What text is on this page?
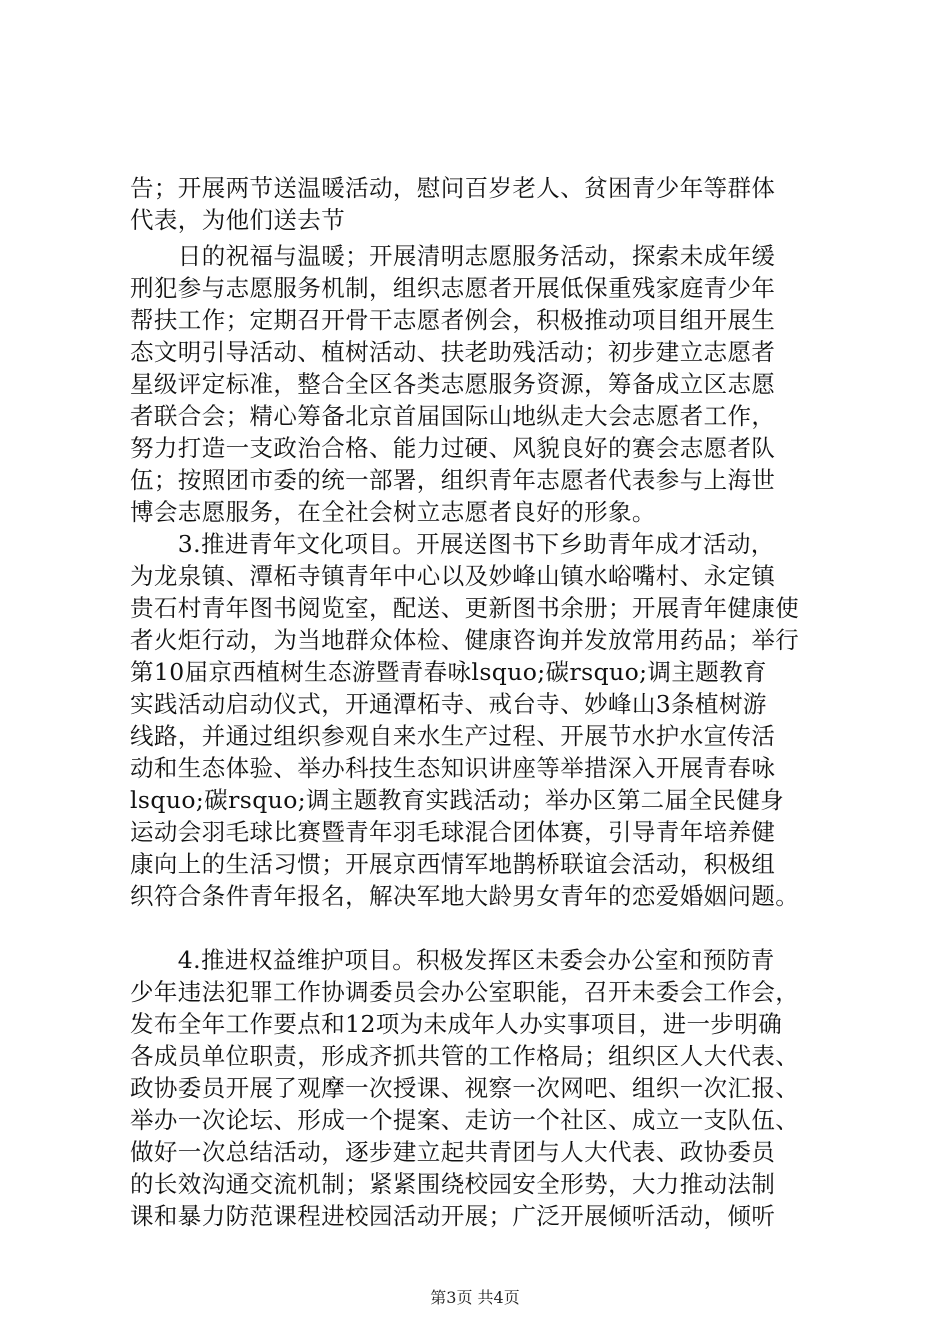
告；开展两节送温暖活动，慰问百岁老人、贫困青少年等群体
代表，为他们送去节
　　日的祝福与温暖；开展清明志愿服务活动，探索未成年缓
刑犯参与志愿服务机制，组织志愿者开展低保重残家庭青少年
帮扶工作；定期召开骨干志愿者例会，积极推动项目组开展生
态文明引导活动、植树活动、扶老助残活动；初步建立志愿者
星级评定标准，整合全区各类志愿服务资源，筹备成立区志愿
者联合会；精心筹备北京首届国际山地纵走大会志愿者工作，
努力打造一支政治合格、能力过硬、风貌良好的赛会志愿者队
伍；按照团市委的统一部署，组织青年志愿者代表参与上海世
博会志愿服务，在全社会树立志愿者良好的形象。
　　3.推进青年文化项目。开展送图书下乡助青年成才活动，
为龙泉镇、潭柘寺镇青年中心以及妙峰山镇水峪嘴村、永定镇
贵石村青年图书阅览室，配送、更新图书余册；开展青年健康使
者火炬行动，为当地群众体检、健康咨询并发放常用药品；举行
第10届京西植树生态游暨青春咏lsquo;碳rsquo;调主题教育
实践活动启动仪式，开通潭柘寺、戒台寺、妙峰山3条植树游
线路，并通过组织参观自来水生产过程、开展节水护水宣传活
动和生态体验、举办科技生态知识讲座等举措深入开展青春咏
lsquo;碳rsquo;调主题教育实践活动；举办区第二届全民健身
运动会羽毛球比赛暨青年羽毛球混合团体赛，引导青年培养健
康向上的生活习惯；开展京西情军地鹊桥联谊会活动，积极组
织符合条件青年报名，解决军地大龄男女青年的恋爱婚姻问题。
　　4.推进权益维护项目。积极发挥区未委会办公室和预防青
少年违法犯罪工作协调委员会办公室职能，召开未委会工作会，
发布全年工作要点和12项为未成年人办实事项目，进一步明确
各成员单位职责，形成齐抓共管的工作格局；组织区人大代表、
政协委员开展了观摩一次授课、视察一次网吧、组织一次汇报、
举办一次论坛、形成一个提案、走访一个社区、成立一支队伍、
做好一次总结活动，逐步建立起共青团与人大代表、政协委员
的长效沟通交流机制；紧紧围绕校园安全形势，大力推动法制
课和暴力防范课程进校园活动开展；广泛开展倾听活动，倾听
第3页 共4页
